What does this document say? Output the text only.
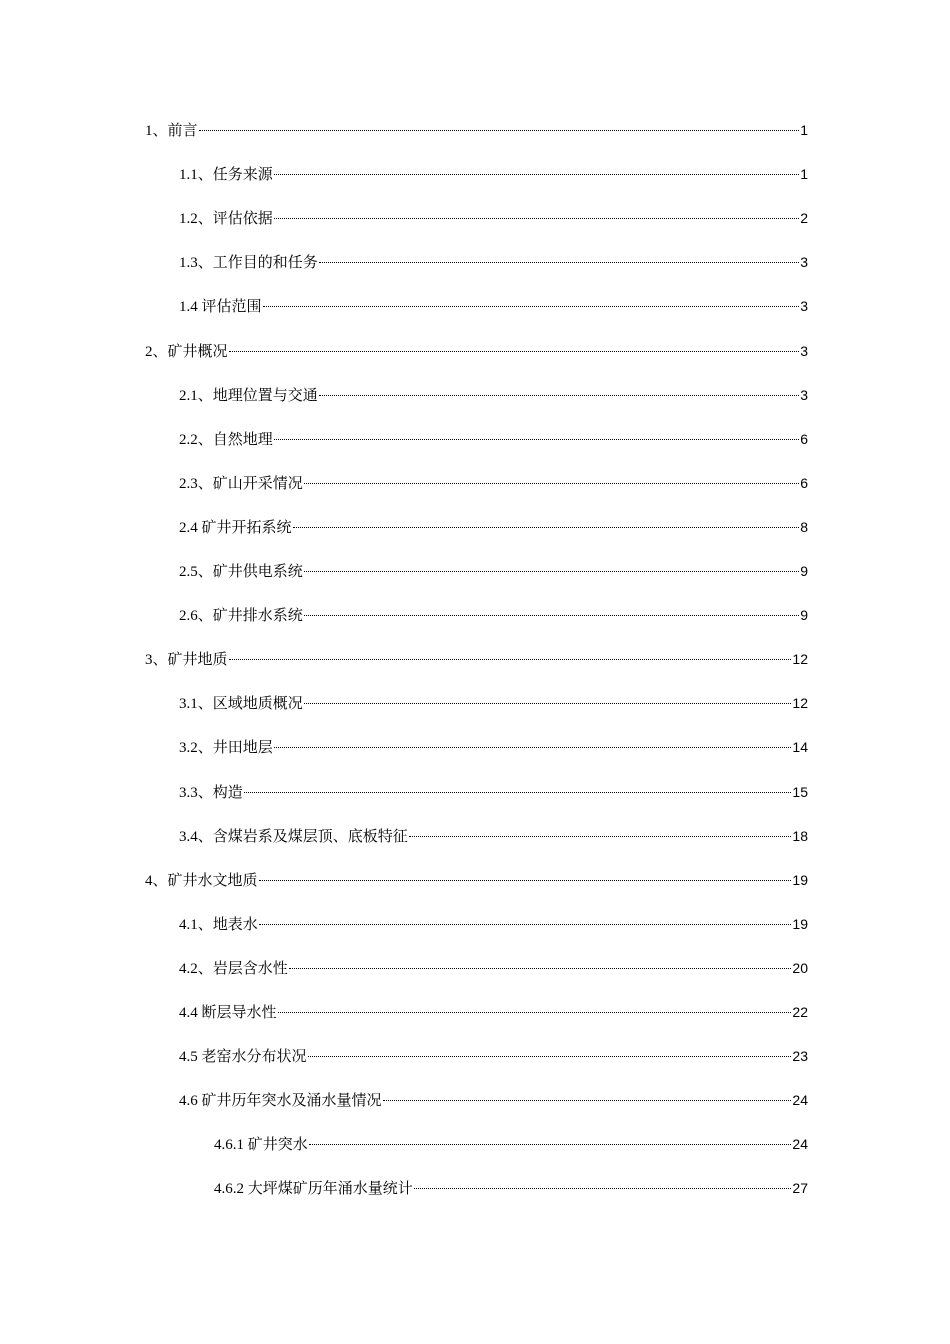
1、前言	1
1.1、任务来源	1
1.2、评估依据	2
1.3、工作目的和任务	3
1.4 评估范围	3
2、矿井概况	3
2.1、地理位置与交通	3
2.2、自然地理	6
2.3、矿山开采情况	6
2.4 矿井开拓系统	8
2.5、矿井供电系统	9
2.6、矿井排水系统	9
3、矿井地质	12
3.1、区域地质概况	12
3.2、井田地层	14
3.3、构造	15
3.4、含煤岩系及煤层顶、底板特征	18
4、矿井水文地质	19
4.1、地表水	19
4.2、岩层含水性	20
4.4 断层导水性	22
4.5 老窑水分布状况	23
4.6 矿井历年突水及涌水量情况	24
4.6.1 矿井突水	24
4.6.2 大坪煤矿历年涌水量统计	27
